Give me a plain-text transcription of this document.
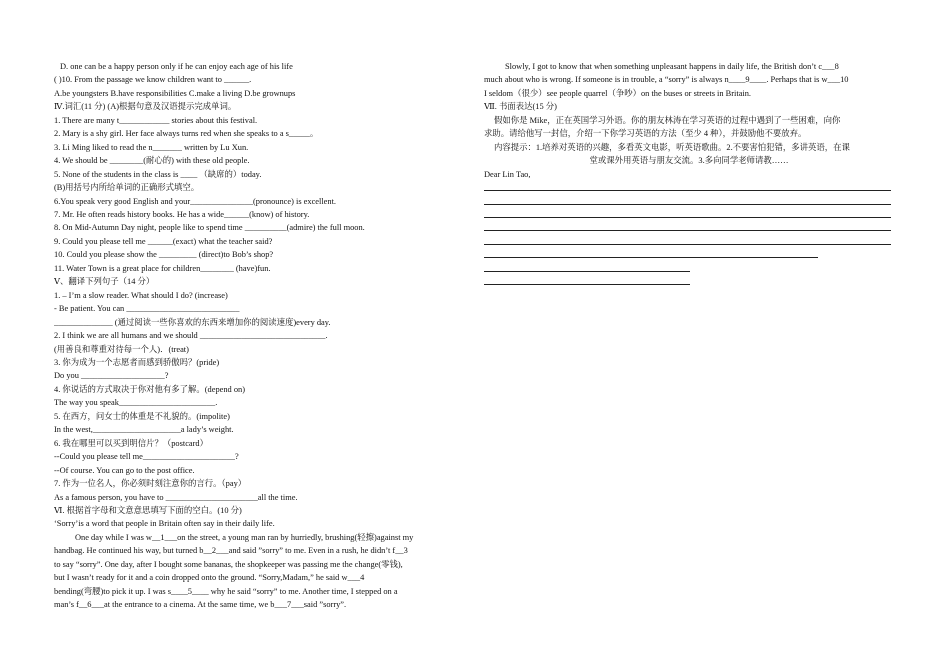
D. one can be a happy person only if he can enjoy each age of his life
( )10. From the passage we know children want to ______.
A.be youngsters B.have responsibilities C.make a living D.be grownups
Ⅳ.词汇(11 分) (A)根据句意及汉语提示完成单词。
1. There are many t____________ stories about this festival.
2. Mary is a shy girl. Her face always turns red when she speaks to a s_____。
3. Li Ming liked to read the n_______ written by Lu Xun.
4. We should be ________(耐心的) with these old people.
5. None of the students in the class is ____ （缺席的）today.
(B)用括号内所给单词的正确形式填空。
6.You speak very good English and your_______________(pronounce) is excellent.
7. Mr. He often reads history books. He has a wide______(know) of history.
8. On Mid-Autumn Day night, people like to spend time __________(admire) the full moon.
9. Could you please tell me ______(exact) what the teacher said?
10. Could you please show the _________ (direct)to Bob’s shop?
11. Water Town is a great place for children________ (have)fun.
Ⅴ、翻译下列句子（14 分）
1. – I’m a slow reader. What should I do? (increase)
- Be patient. You can ___________________________
______________ (通过阅读一些你喜欢的东西来增加你的阅读速度)every day.
2. I think we are all humans and we should ______________________________.
(用善良和尊重对待每一个人)．(treat)
3. 你为成为一个志愿者而感到骄傲吗？(pride)
Do you ____________________?
4. 你说话的方式取决于你对他有多了解。(depend on)
The way you speak_______________________.
5. 在西方，问女士的体重是不礼貌的。(impolite)
In the west,_____________________a lady’s weight.
6. 我在哪里可以买到明信片？（postcard）
--Could you please tell me______________________?
--Of course. You can go to the post office.
7. 作为一位名人，你必须时刻注意你的言行。（pay）
As a famous person, you have to ______________________all the time.
Ⅵ. 根据首字母和文意意思填写下面的空白。(10 分)
‘Sorry’is a word that people in Britain often say in their daily life.
One day while I was w__1___on the street, a young man ran by hurriedly, brushing(轻擦)against my
handbag. He continued his way, but turned b__2___and said ”sorry” to me. Even in a rush, he didn’t f__3
to say “sorry”. One day, after I bought some bananas, the shopkeeper was passing me the change(零钱),
but I wasn’t ready for it and a coin dropped onto the ground. “Sorry,Madam,” he said w___4
bending(弯腰)to pick it up. I was s____5____ why he said “sorry” to me. Another time, I stepped on a
man’s f__6___at the entrance to a cinema. At the same time, we b___7___said ”sorry”.
Slowly, I got to know that when something unpleasant happens in daily life, the British don’t c___8
much about who is wrong. If someone is in trouble, a “sorry” is always n____9____. Perhaps that is w___10
I seldom（很少）see people quarrel（争吵）on the buses or streets in Britain.
Ⅶ. 书面表达(15 分)
假如你是 Mike，正在英国学习外语。你的朋友林涛在学习英语的过程中遇到了一些困难，向你
求助。请给他写一封信，介绍一下你学习英语的方法（至少 4 种），并鼓励他不要放弃。
内容提示：1.培养对英语的兴趣，多看英文电影，听英语歌曲。2.不要害怕犯错，多讲英语，在课
堂或课外用英语与朋友交流。3.多向同学老师请教……
Dear Lin Tao,
